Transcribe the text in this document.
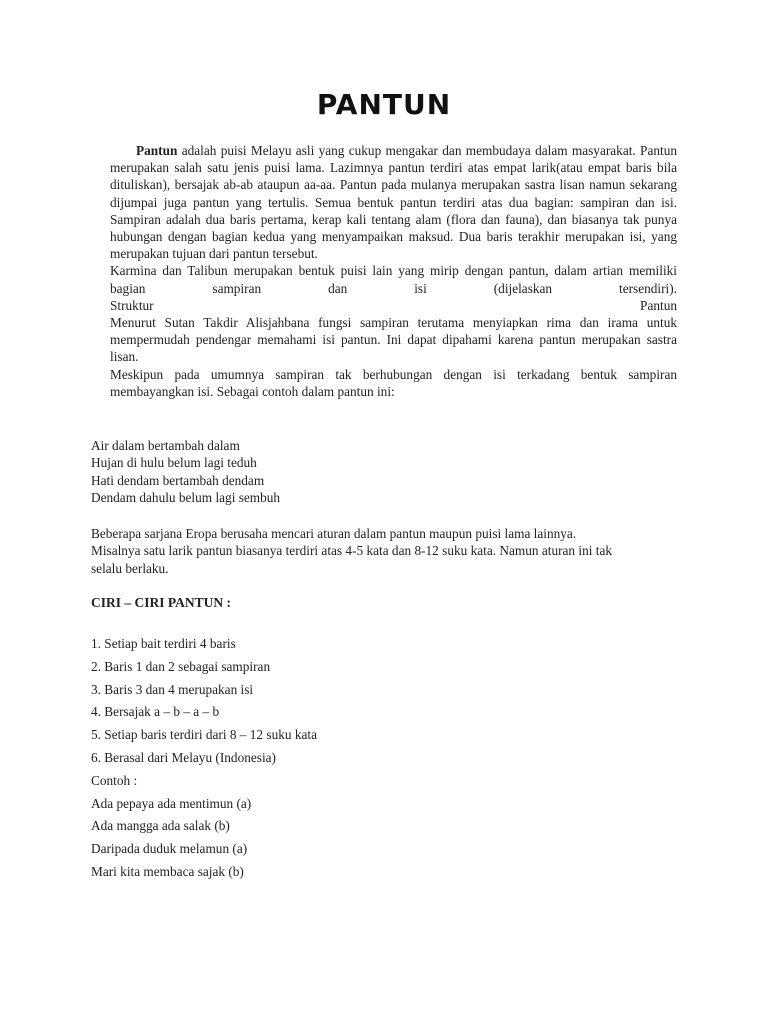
PANTUN

Pantun adalah puisi Melayu asli yang cukup mengakar dan membudaya dalam masyarakat. Pantun merupakan salah satu jenis puisi lama. Lazimnya pantun terdiri atas empat larik(atau empat baris bila dituliskan), bersajak ab-ab ataupun aa-aa. Pantun pada mulanya merupakan sastra lisan namun sekarang dijumpai juga pantun yang tertulis. Semua bentuk pantun terdiri atas dua bagian: sampiran dan isi. Sampiran adalah dua baris pertama, kerap kali tentang alam (flora dan fauna), dan biasanya tak punya hubungan dengan bagian kedua yang menyampaikan maksud. Dua baris terakhir merupakan isi, yang merupakan tujuan dari pantun tersebut.

Karmina dan Talibun merupakan bentuk puisi lain yang mirip dengan pantun, dalam artian memiliki bagian sampiran dan isi (dijelaskan tersendiri).

Struktur Pantun

Menurut Sutan Takdir Alisjahbana fungsi sampiran terutama menyiapkan rima dan irama untuk mempermudah pendengar memahami isi pantun. Ini dapat dipahami karena pantun merupakan sastra lisan.

Meskipun pada umumnya sampiran tak berhubungan dengan isi terkadang bentuk sampiran membayangkan isi. Sebagai contoh dalam pantun ini:

Air dalam bertambah dalam

Hujan di hulu belum lagi teduh

Hati dendam bertambah dendam

Dendam dahulu belum lagi sembuh

Beberapa sarjana Eropa berusaha mencari aturan dalam pantun maupun puisi lama lainnya.

Misalnya satu larik pantun biasanya terdiri atas 4-5 kata dan 8-12 suku kata. Namun aturan ini tak

selalu berlaku.

CIRI – CIRI PANTUN :

1. Setiap bait terdiri 4 baris
2. Baris 1 dan 2 sebagai sampiran
3. Baris 3 dan 4 merupakan isi
4. Bersajak a – b – a – b
5. Setiap baris terdiri dari 8 – 12 suku kata
6. Berasal dari Melayu (Indonesia)
Contoh :
Ada pepaya ada mentimun (a)
Ada mangga ada salak (b)
Daripada duduk melamun (a)
Mari kita membaca sajak (b)
